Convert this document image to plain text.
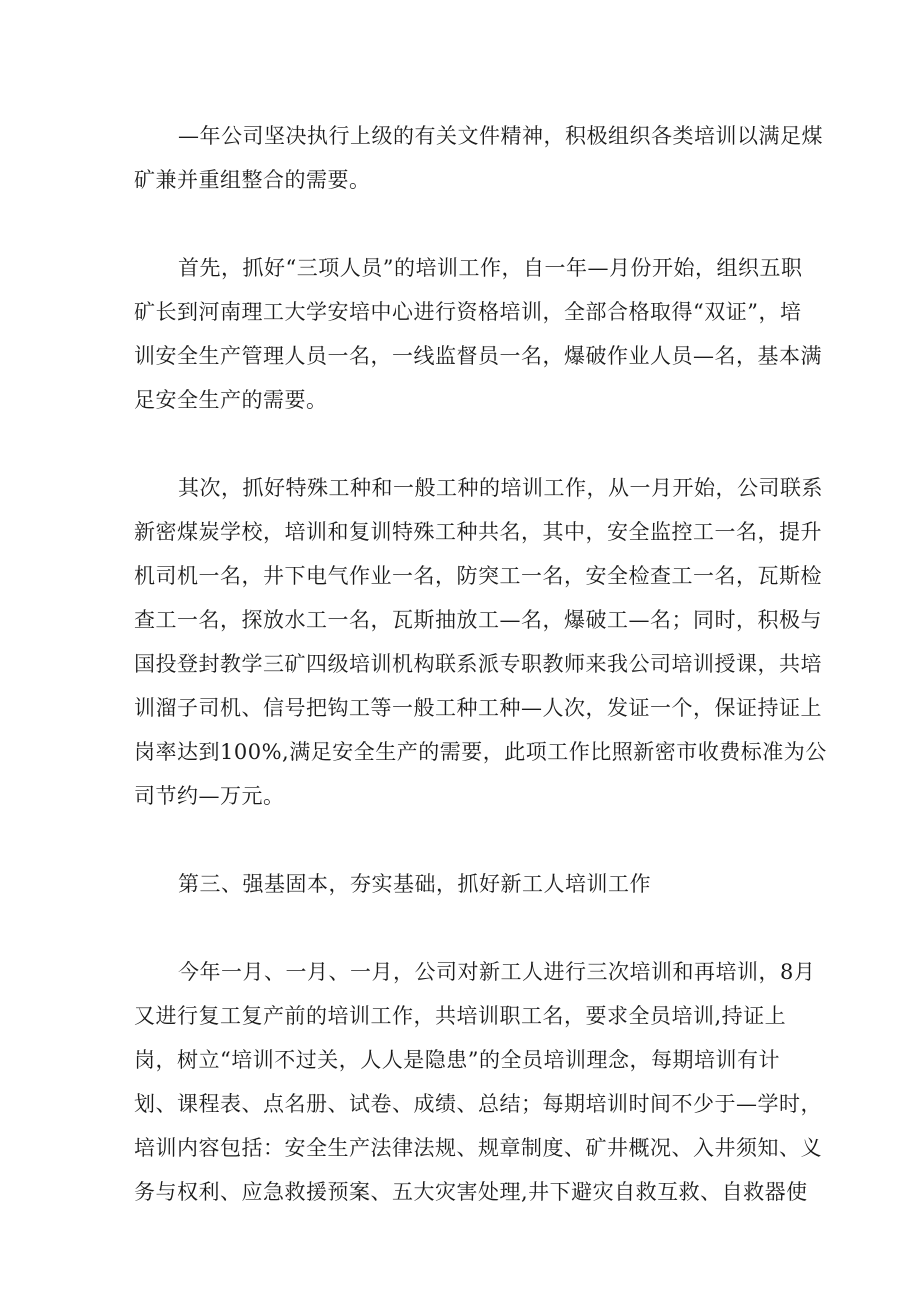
—年公司坚决执行上级的有关文件精神，积极组织各类培训以满足煤
矿兼并重组整合的需要。
首先，抓好“三项人员”的培训工作，自一年—月份开始，组织五职
矿长到河南理工大学安培中心进行资格培训，全部合格取得“双证”，培
训安全生产管理人员一名，一线监督员一名，爆破作业人员—名，基本满
足安全生产的需要。
其次，抓好特殊工种和一般工种的培训工作，从一月开始，公司联系
新密煤炭学校，培训和复训特殊工种共名，其中，安全监控工一名，提升
机司机一名，井下电气作业一名，防突工一名，安全检查工一名，瓦斯检
查工一名，探放水工一名，瓦斯抽放工—名，爆破工—名；同时，积极与
国投登封教学三矿四级培训机构联系派专职教师来我公司培训授课，共培
训溜子司机、信号把钩工等一般工种工种—人次，发证一个，保证持证上
岗率达到100%,满足安全生产的需要，此项工作比照新密市收费标准为公
司节约—万元。
第三、强基固本，夯实基础，抓好新工人培训工作
今年一月、一月、一月，公司对新工人进行三次培训和再培训，8月
又进行复工复产前的培训工作，共培训职工名，要求全员培训,持证上
岗，树立“培训不过关，人人是隐患”的全员培训理念，每期培训有计
划、课程表、点名册、试卷、成绩、总结；每期培训时间不少于—学时，
培训内容包括：安全生产法律法规、规章制度、矿井概况、入井须知、义
务与权利、应急救援预案、五大灾害处理,井下避灾自救互救、自救器使
